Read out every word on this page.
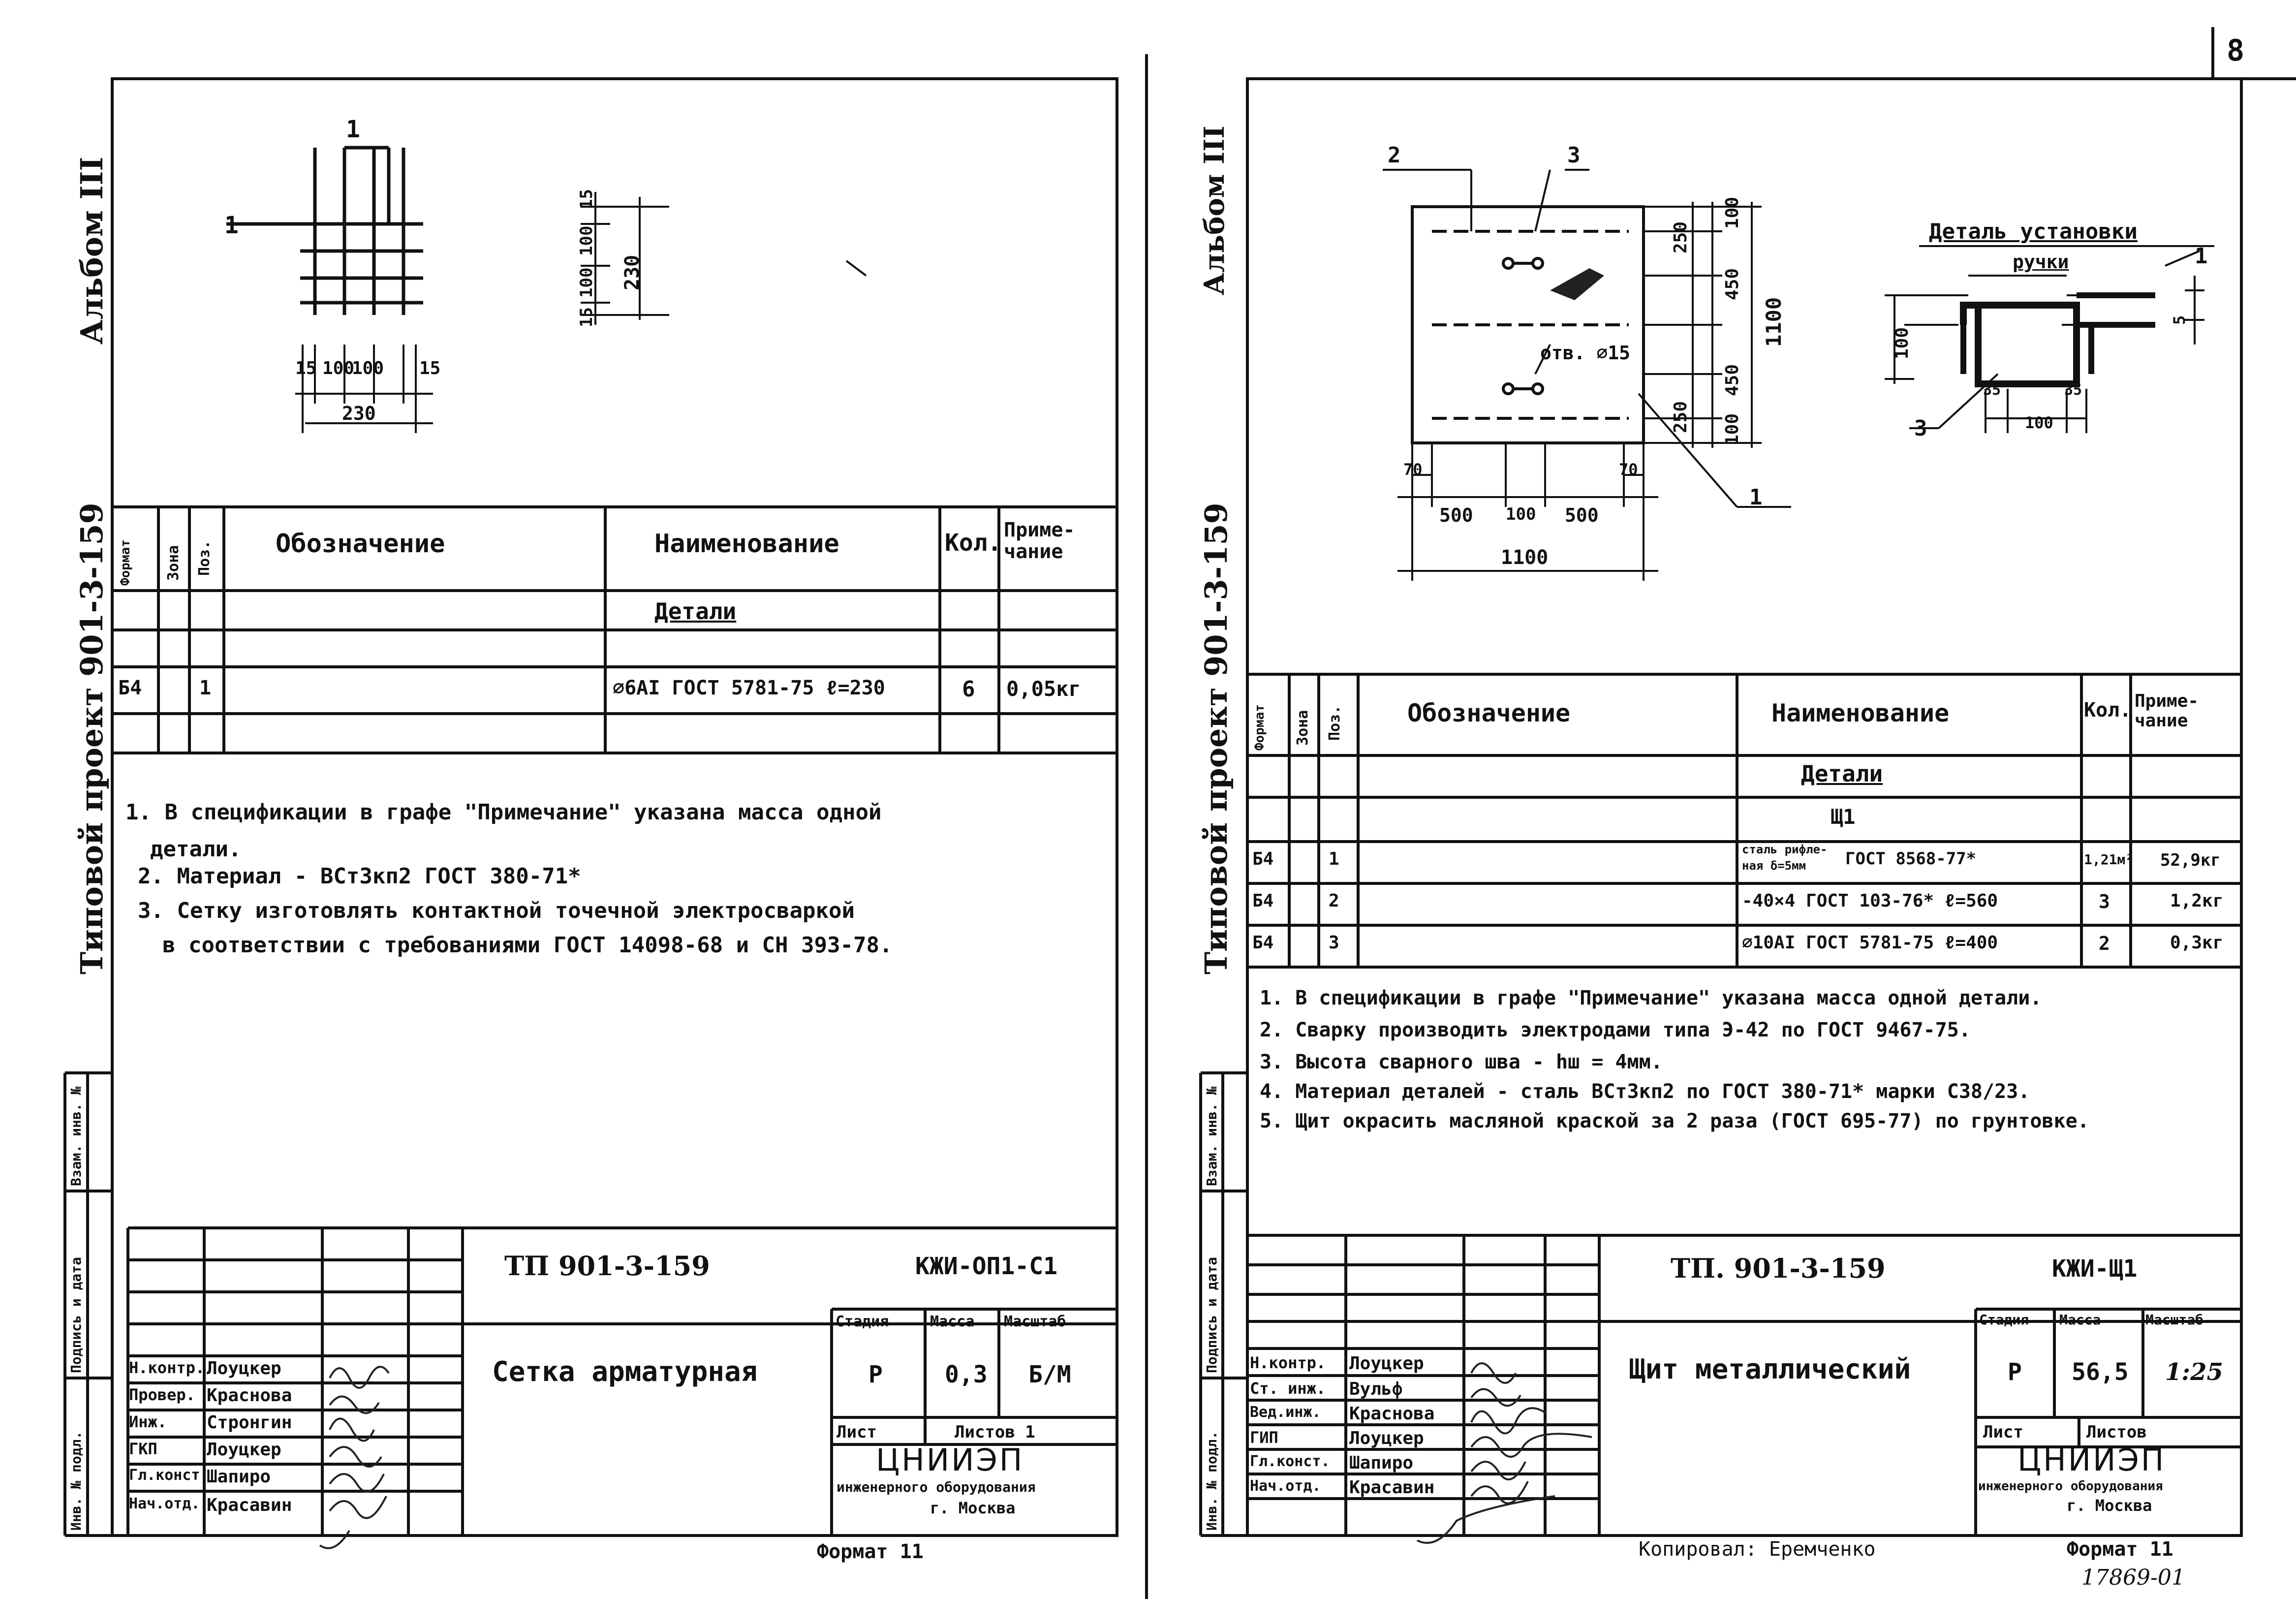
8
Альбом III
Типовой проект 901-3-159
Инв. № подл.
Подпись и дата
Взам. инв. №
1
1
15 100
100 15
230
15
100
100
15
230
Формат Зона Поз. Обозначение	Наименование	Кол. Приме-
чание
Детали
Б4	1	⌀6АI ГОСТ 5781-75 ℓ=230	6 0,05кг
1. В спецификации в графе "Примечание" указана масса одной
детали.
2. Материал - ВСт3кп2 ГОСТ 380-71*
3. Сетку изготовлять контактной точечной электросваркой
в соответствии с требованиями ГОСТ 14098-68 и СН 393-78.
ТП 901-3-159	КЖИ-ОП1-С1
Сетка арматурная
Стадия	Масса Масштаб
Р	0,3 Б/М
Лист	Листов 1
ЦНИИЭП
инженерного оборудования
г. Москва
Н.контр. Лоуцкер
Провер. Краснова
Инж. Стронгин
ГКП	Лоуцкер
Гл.конст.
Шапиро
Нач.отд. Красавин
Формат 11
Альбом III
Типовой проект 901-3-159
Инв. № подл.
Подпись и дата
Взам. инв. №
2	3
1
отв. ⌀15
250
100
450
450
250 100
1100
70
500 100 500
70
1100
Деталь установки
ручки
100
35	35
100
5
1
3
Формат Зона Поз.	Обозначение	Наименование	Кол. Приме-
чание
Детали
Щ1
Б4	1	сталь рифле-
ная δ=5мм ГОСТ 8568-77*	1,21м² 52,9кг
Б4	2	-40×4 ГОСТ 103-76* ℓ=560	3	1,2кг
Б4	3	⌀10АI ГОСТ 5781-75 ℓ=400	2	0,3кг
1. В спецификации в графе "Примечание" указана масса одной детали.
2. Сварку производить электродами типа Э-42 по ГОСТ 9467-75.
3. Высота сварного шва - hш = 4мм.
4. Материал деталей - сталь ВСт3кп2 по ГОСТ 380-71* марки С38/23.
5. Щит окрасить масляной краской за 2 раза (ГОСТ 695-77) по грунтовке.
ТП. 901-3-159	КЖИ-Щ1
Щит металлический
Стадия Масса	Масштаб
Р 56,5 1:25
Лист	Листов
ЦНИИЭП
инженерного оборудования
г. Москва
Н.контр. Лоуцкер
Ст. инж. Вульф
Вед.инж. Краснова
ГИП	Лоуцкер
Гл.конст. Шапиро
Нач.отд. Красавин
Копировал: Еремченко	Формат 11
17869-01
